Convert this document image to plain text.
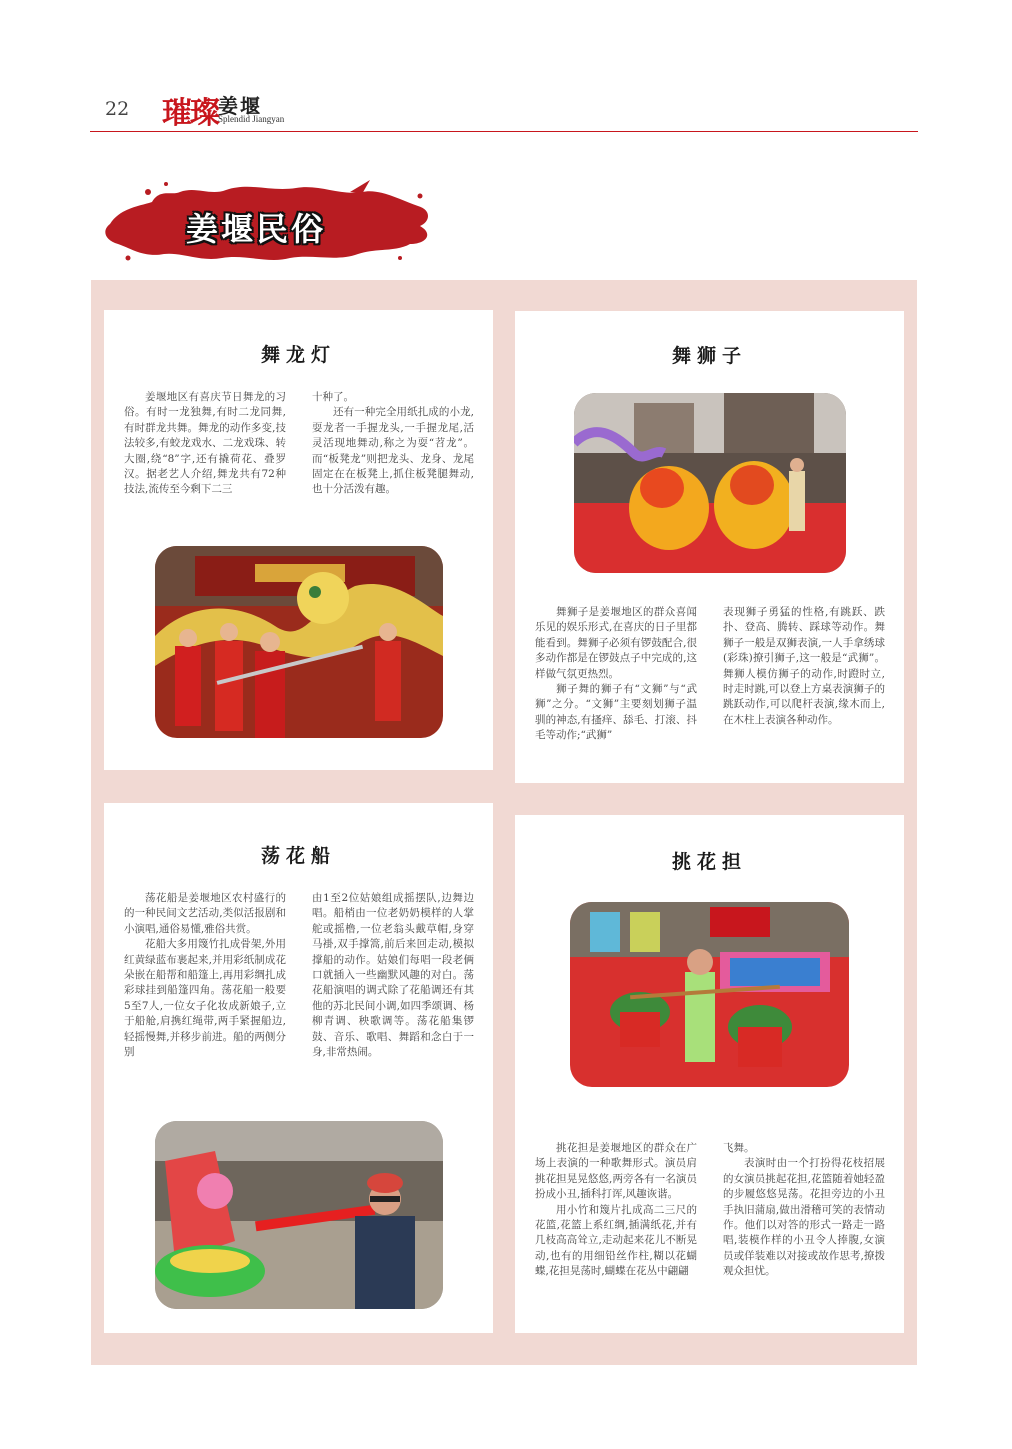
22 璀璨 姜堰
Splendid Jiangyan
姜堰民俗
舞龙灯

姜堰地区有喜庆节日舞龙的习俗。有时一龙独舞,有时二龙同舞,有时群龙共舞。舞龙的动作多变,技法较多,有蛟龙戏水、二龙戏珠、转大圈,绕“8”字,还有撬荷花、叠罗汉。据老艺人介绍,舞龙共有72种技法,流传至今剩下二三

十种了。

还有一种完全用纸扎成的小龙,耍龙者一手握龙头,一手握龙尾,活灵活现地舞动,称之为耍“苕龙”。而“板凳龙”则把龙头、龙身、龙尾固定在在板凳上,抓住板凳腿舞动,也十分活泼有趣。

舞狮子

舞狮子是姜堰地区的群众喜闻乐见的娱乐形式,在喜庆的日子里都能看到。舞狮子必须有锣鼓配合,很多动作都是在锣鼓点子中完成的,这样做气氛更热烈。

狮子舞的狮子有“文狮”与“武狮”之分。“文狮”主要刻划狮子温驯的神态,有搔痒、舔毛、打滚、抖毛等动作;“武狮”

表现狮子勇猛的性格,有跳跃、跌扑、登高、腾转、踩球等动作。舞狮子一般是双狮表演,一人手拿绣球(彩珠)撩引狮子,这一般是“武狮”。舞狮人模仿狮子的动作,时蹬时立,时走时跳,可以登上方桌表演狮子的跳跃动作,可以爬杆表演,缘木而上,在木柱上表演各种动作。

荡花船

荡花船是姜堰地区农村盛行的的一种民间文艺活动,类似活报剧和小演唱,通俗易懂,雅俗共赏。

花船大多用篾竹扎成骨架,外用红黄绿蓝布裹起来,并用彩纸制成花朵嵌在船帮和船篷上,再用彩绸扎成彩球挂到船篷四角。荡花船一般要5至7人,一位女子化妆成新娘子,立于船舱,肩携红绳带,两手紧握船边,轻摇慢舞,并移步前进。船的两侧分别

由1至2位姑娘组成摇摆队,边舞边唱。船梢由一位老奶奶模样的人掌舵或摇橹,一位老翁头戴草帽,身穿马褂,双手撑篙,前后来回走动,模拟撑船的动作。姑娘们每唱一段老俩口就插入一些幽默风趣的对白。荡花船演唱的调式除了花船调还有其他的苏北民间小调,如四季颂调、杨柳青调、秧歌调等。荡花船集锣鼓、音乐、歌唱、舞蹈和念白于一身,非常热闹。

挑花担

挑花担是姜堰地区的群众在广场上表演的一种歌舞形式。演员肩挑花担晃晃悠悠,两旁各有一名演员扮成小丑,插科打诨,风趣诙谐。

用小竹和篾片扎成高二三尺的花篮,花篮上系红绸,插满纸花,并有几枝高高耸立,走动起来花儿不断晃动,也有的用细铅丝作柱,糊以花蝴蝶,花担晃荡时,蝴蝶在花丛中翩翩

飞舞。

表演时由一个打扮得花枝招展的女演员挑起花担,花篮随着她轻盈的步履悠悠晃荡。花担旁边的小丑手执旧蒲扇,做出滑稽可笑的表情动作。他们以对答的形式一路走一路唱,装模作样的小丑令人捧腹,女演员或佯装难以对接或故作思考,撩拨观众担忧。
